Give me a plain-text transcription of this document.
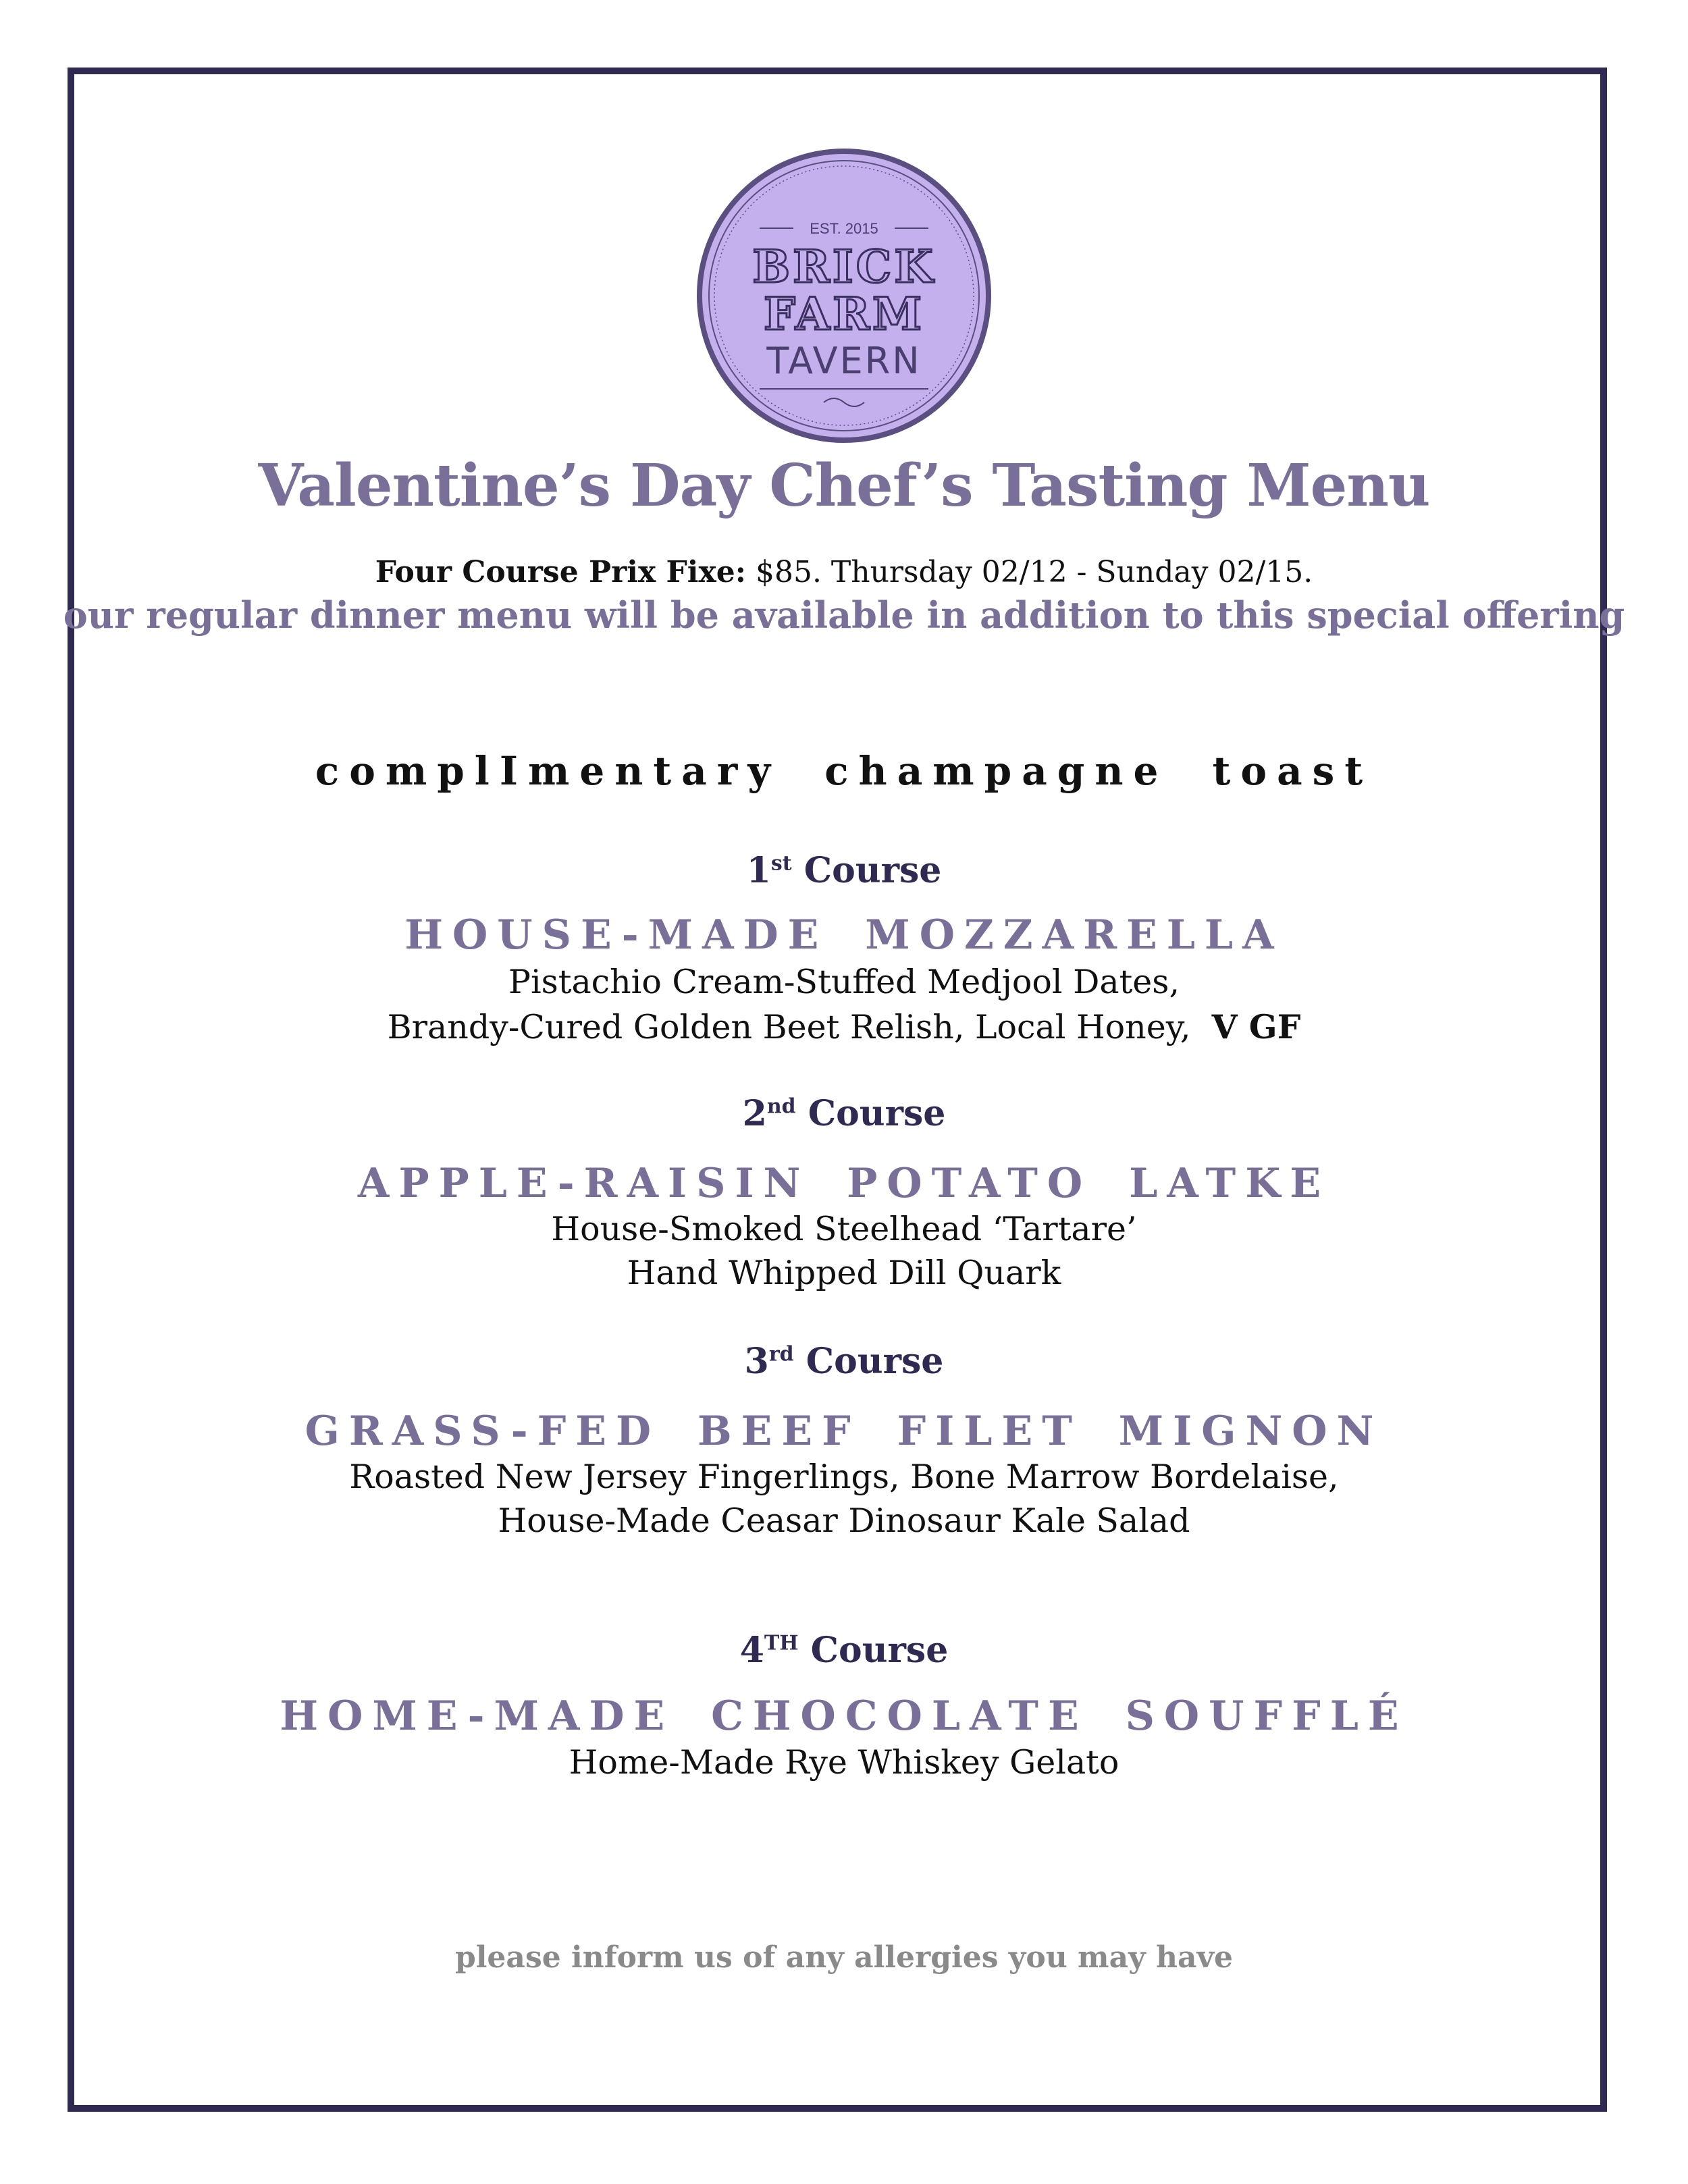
EST. 2015
BRICK
FARM
TAVERN
Valentine’s Day Chef’s Tasting Menu
Four Course Prix Fixe: $85. Thursday 02/12 - Sunday 02/15.
our regular dinner menu will be available in addition to this special offering
complImentary champagne toast
1st Course
HOUSE-MADE MOZZARELLA
Pistachio Cream-Stuffed Medjool Dates,
Brandy-Cured Golden Beet Relish, Local Honey, V GF
2nd Course
APPLE-RAISIN POTATO LATKE
House-Smoked Steelhead ‘Tartare’
Hand Whipped Dill Quark
3rd Course
GRASS-FED BEEF FILET MIGNON
Roasted New Jersey Fingerlings, Bone Marrow Bordelaise,
House-Made Ceasar Dinosaur Kale Salad
4TH Course
HOME-MADE CHOCOLATE SOUFFLÉ
Home-Made Rye Whiskey Gelato
please inform us of any allergies you may have
